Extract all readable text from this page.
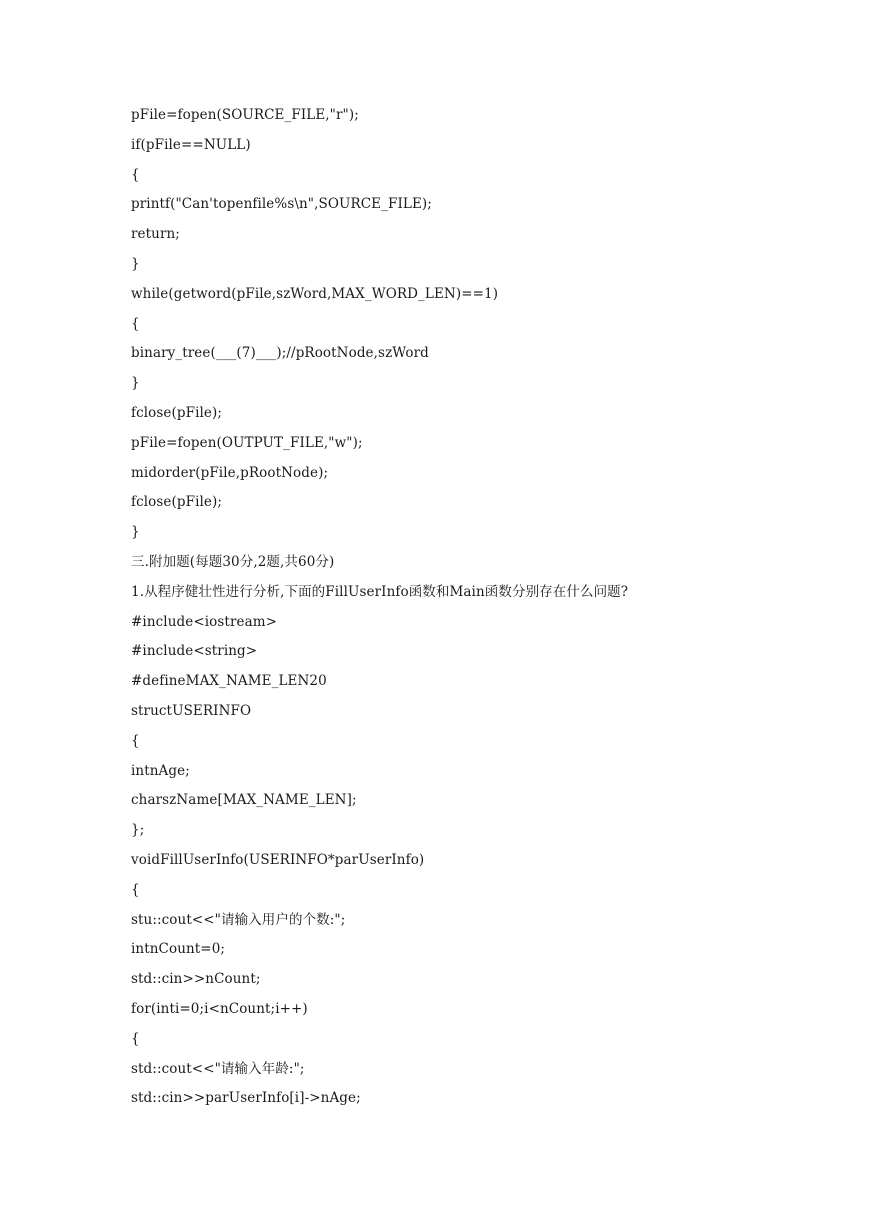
pFile=fopen(SOURCE_FILE,"r");
if(pFile==NULL)
{
printf("Can'topenfile%s\n",SOURCE_FILE);
return;
}
while(getword(pFile,szWord,MAX_WORD_LEN)==1)
{
binary_tree(___(7)___);//pRootNode,szWord
}
fclose(pFile);
pFile=fopen(OUTPUT_FILE,"w");
midorder(pFile,pRootNode);
fclose(pFile);
}
三.附加题(每题30分,2题,共60分)
1.从程序健壮性进行分析,下面的FillUserInfo函数和Main函数分别存在什么问题?
#include<iostream>
#include<string>
#defineMAX_NAME_LEN20
structUSERINFO
{
intnAge;
charszName[MAX_NAME_LEN];
};
voidFillUserInfo(USERINFO*parUserInfo)
{
stu::cout<<"请输入用户的个数:";
intnCount=0;
std::cin>>nCount;
for(inti=0;i<nCount;i++)
{
std::cout<<"请输入年龄:";
std::cin>>parUserInfo[i]->nAge;
